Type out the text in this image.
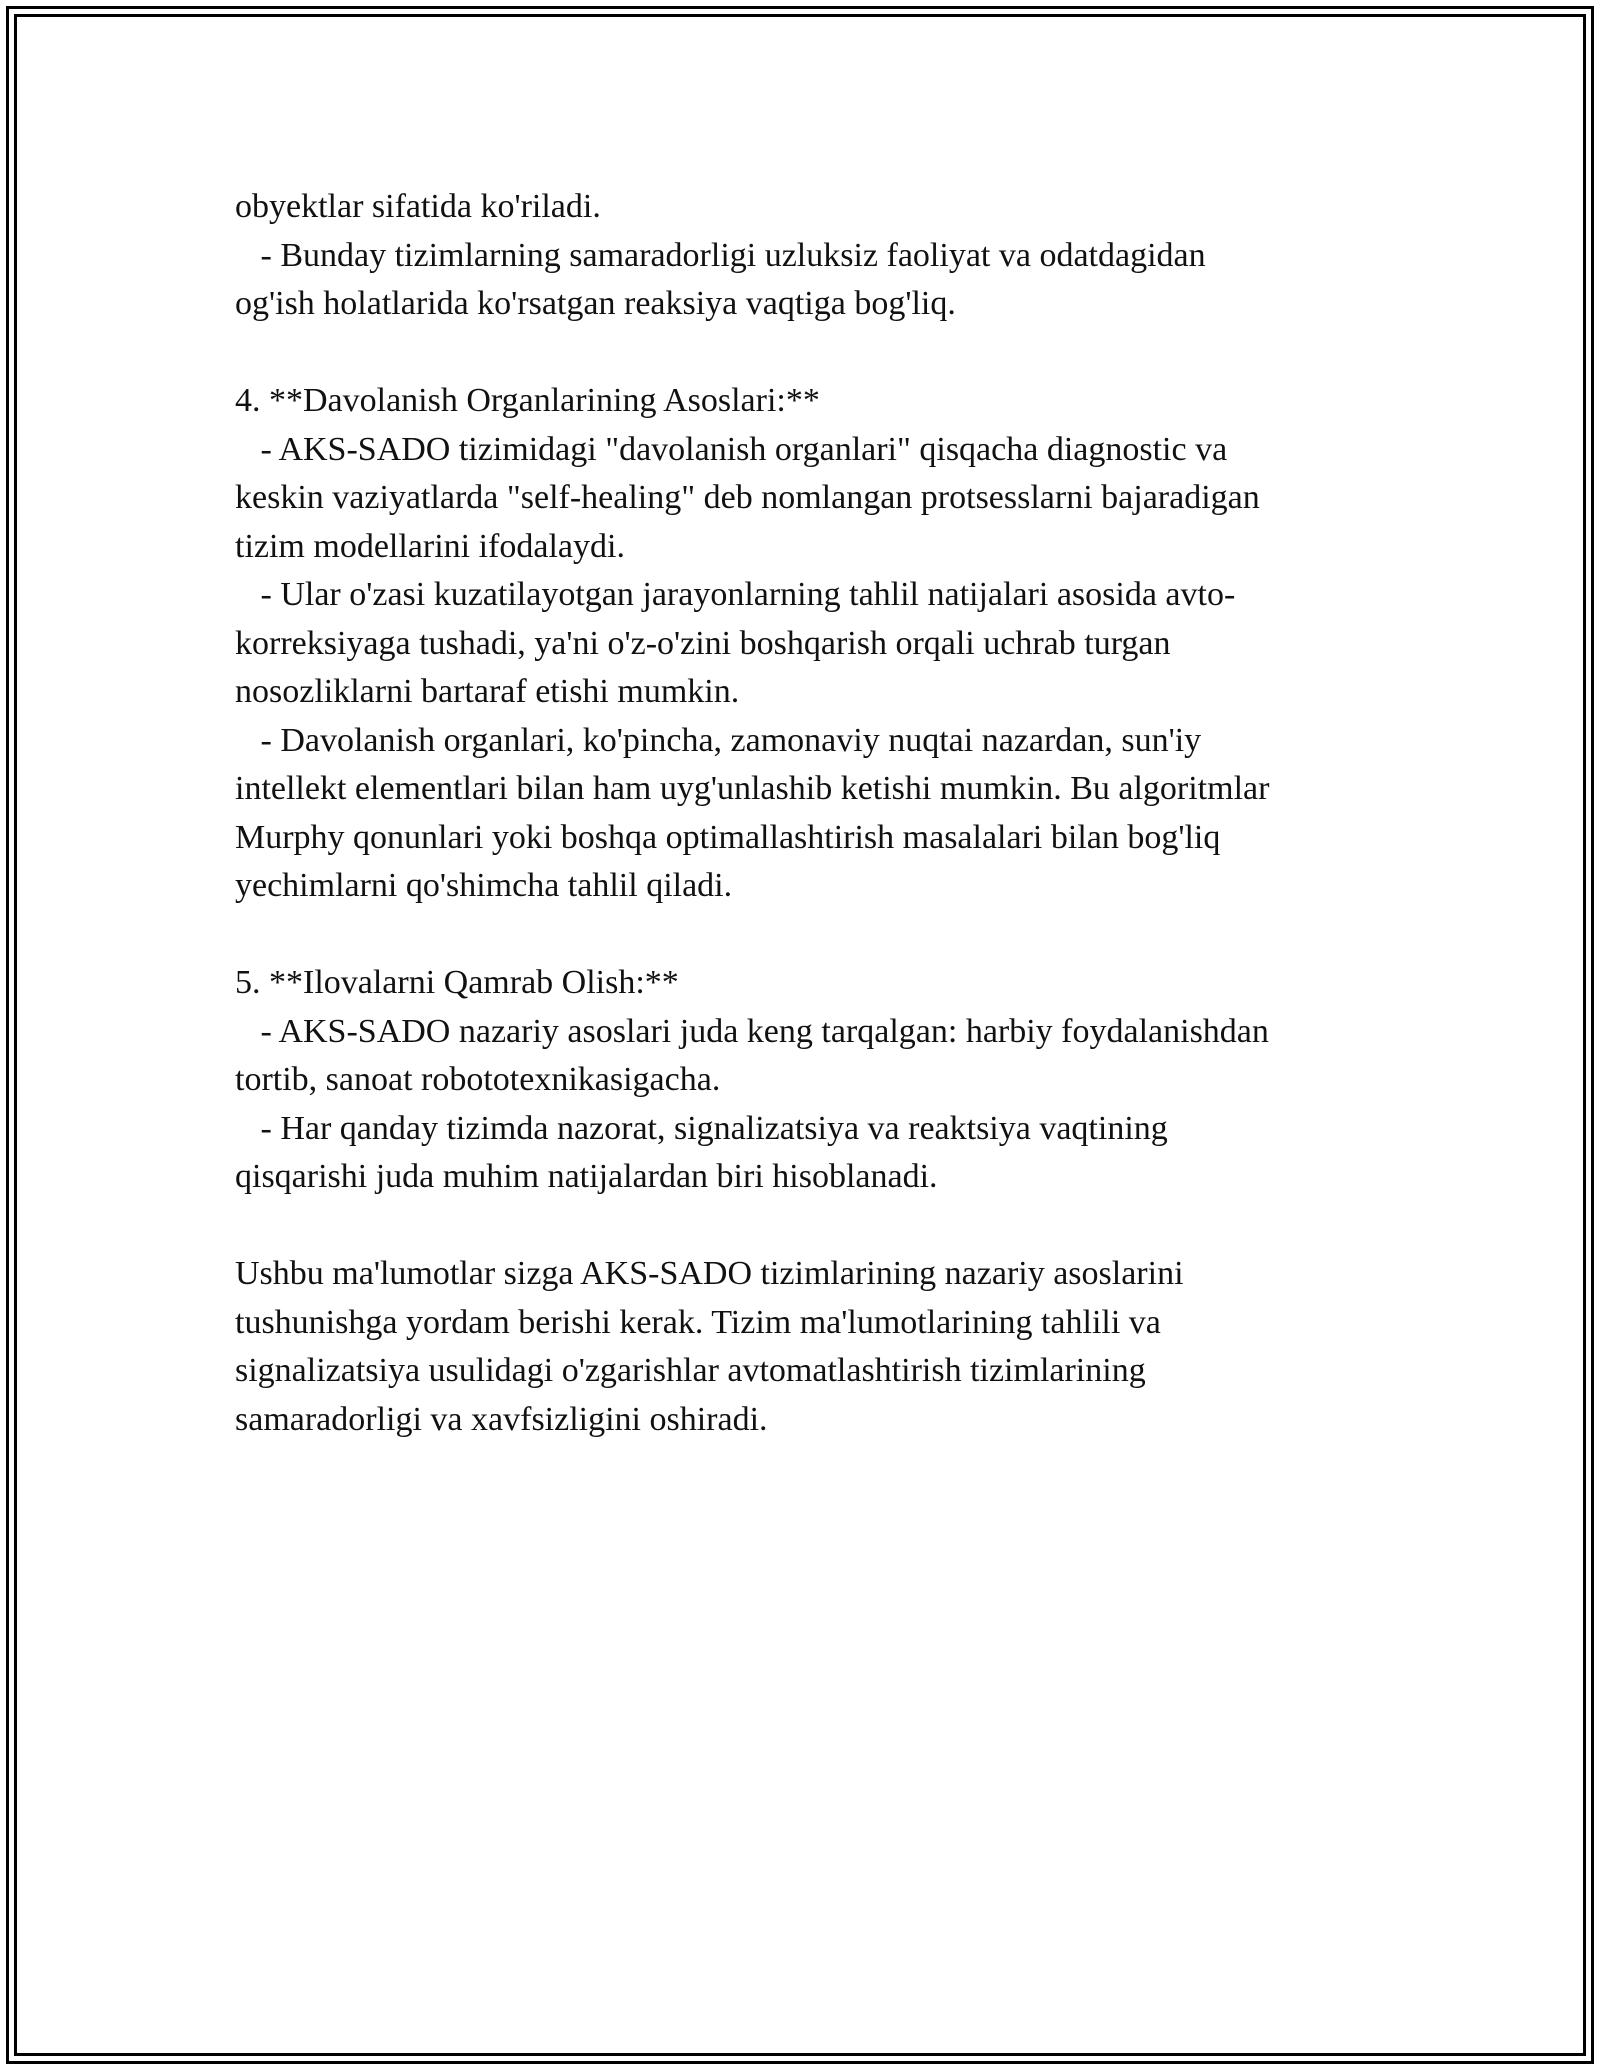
obyektlar sifatida ko'riladi.
- Bunday tizimlarning samaradorligi uzluksiz faoliyat va odatdagidan
og'ish holatlarida ko'rsatgan reaksiya vaqtiga bog'liq.
4. **Davolanish Organlarining Asoslari:**
- AKS-SADO tizimidagi "davolanish organlari" qisqacha diagnostic va
keskin vaziyatlarda "self-healing" deb nomlangan protsesslarni bajaradigan
tizim modellarini ifodalaydi.
- Ular o'zasi kuzatilayotgan jarayonlarning tahlil natijalari asosida avto-
korreksiyaga tushadi, ya'ni o'z-o'zini boshqarish orqali uchrab turgan
nosozliklarni bartaraf etishi mumkin.
- Davolanish organlari, ko'pincha, zamonaviy nuqtai nazardan, sun'iy
intellekt elementlari bilan ham uyg'unlashib ketishi mumkin. Bu algoritmlar
Murphy qonunlari yoki boshqa optimallashtirish masalalari bilan bog'liq
yechimlarni qo'shimcha tahlil qiladi.
5. **Ilovalarni Qamrab Olish:**
- AKS-SADO nazariy asoslari juda keng tarqalgan: harbiy foydalanishdan
tortib, sanoat robototexnikasigacha.
- Har qanday tizimda nazorat, signalizatsiya va reaktsiya vaqtining
qisqarishi juda muhim natijalardan biri hisoblanadi.
Ushbu ma'lumotlar sizga AKS-SADO tizimlarining nazariy asoslarini
tushunishga yordam berishi kerak. Tizim ma'lumotlarining tahlili va
signalizatsiya usulidagi o'zgarishlar avtomatlashtirish tizimlarining
samaradorligi va xavfsizligini oshiradi.
